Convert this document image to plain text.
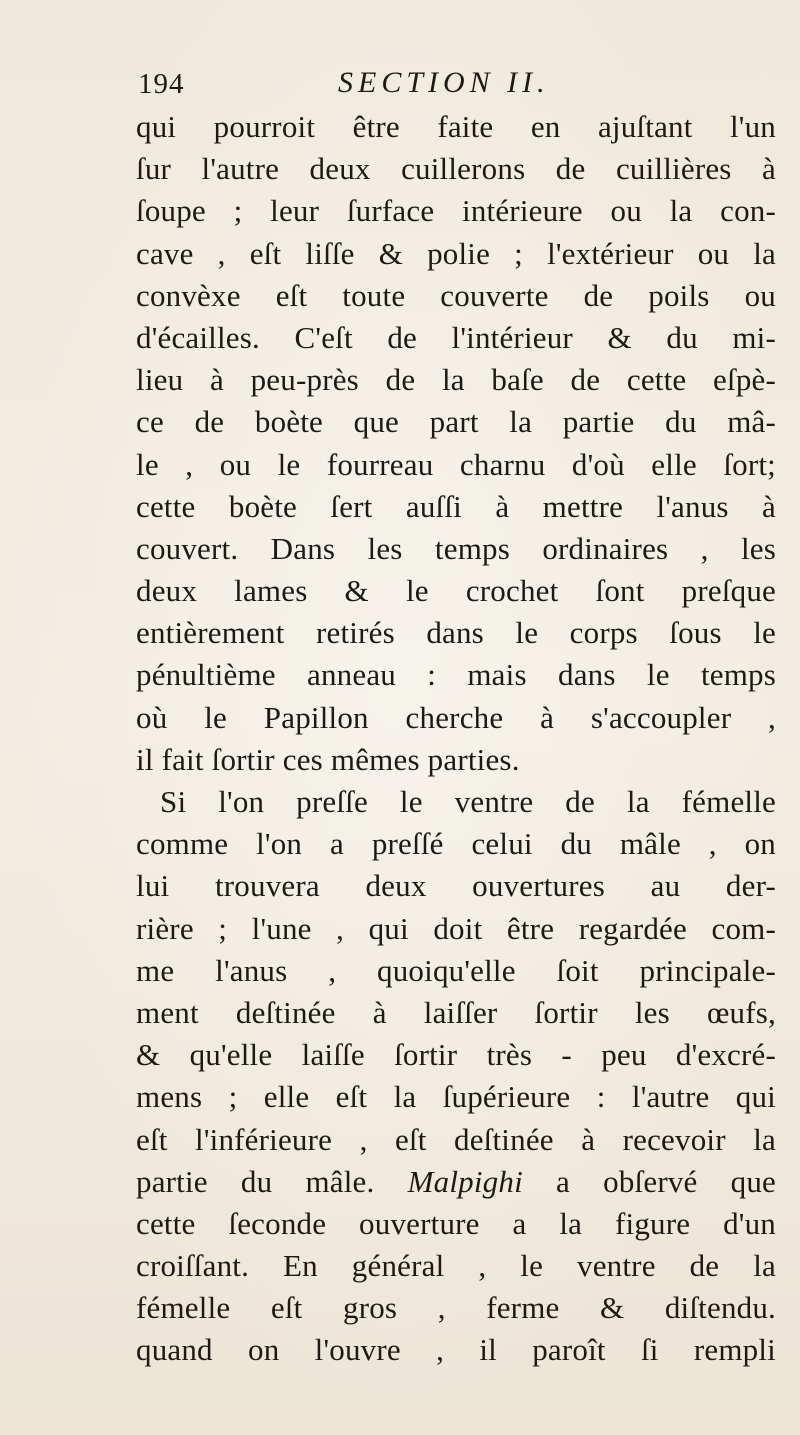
194	SECTION II.
qui pourroit être faite en ajuſtant l'un
ſur l'autre deux cuillerons de cuillières à
ſoupe ; leur ſurface intérieure ou la con-
cave , eſt liſſe & polie ; l'extérieur ou la
convèxe eſt toute couverte de poils ou
d'écailles. C'eſt de l'intérieur & du mi-
lieu à peu-près de la baſe de cette eſpè-
ce de boète que part la partie du mâ-
le , ou le fourreau charnu d'où elle ſort;
cette boète ſert auſſi à mettre l'anus à
couvert. Dans les temps ordinaires , les
deux lames & le crochet ſont preſque
entièrement retirés dans le corps ſous le
pénultième anneau : mais dans le temps
où le Papillon cherche à s'accoupler ,
il fait ſortir ces mêmes parties.
Si l'on preſſe le ventre de la fémelle
comme l'on a preſſé celui du mâle , on
lui trouvera deux ouvertures au der-
rière ; l'une , qui doit être regardée com-
me l'anus , quoiqu'elle ſoit principale-
ment deſtinée à laiſſer ſortir les œufs,
& qu'elle laiſſe ſortir très - peu d'excré-
mens ; elle eſt la ſupérieure : l'autre qui
eſt l'inférieure , eſt deſtinée à recevoir la
partie du mâle. Malpighi a obſervé que
cette ſeconde ouverture a la figure d'un
croiſſant. En général , le ventre de la
fémelle eſt gros , ferme & diſtendu.
quand on l'ouvre , il paroît ſi rempli
